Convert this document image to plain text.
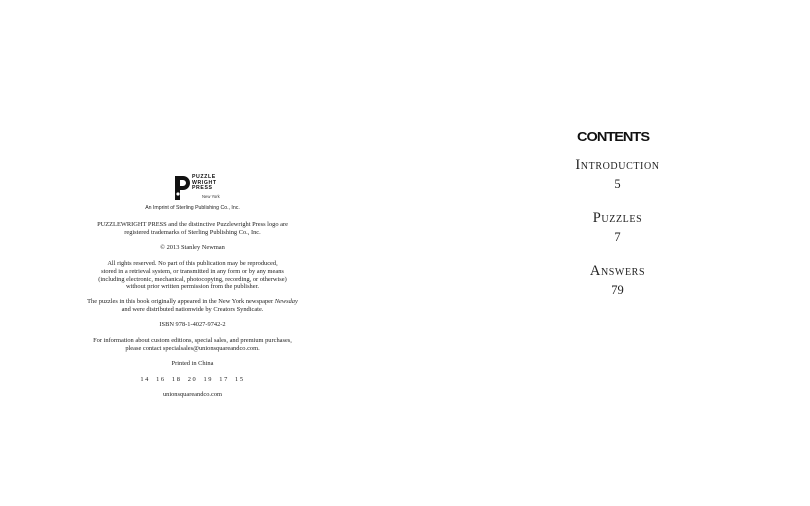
PUZZLE
WRIGHT
PRESS
New York
An Imprint of Sterling Publishing Co., Inc.

PUZZLEWRIGHT PRESS and the distinctive Puzzlewright Press logo are

registered trademarks of Sterling Publishing Co., Inc.

© 2013 Stanley Newman

All rights reserved. No part of this publication may be reproduced,

stored in a retrieval system, or transmitted in any form or by any means

(including electronic, mechanical, photocopying, recording, or otherwise)

without prior written permission from the publisher.

The puzzles in this book originally appeared in the New York newspaper Newsday

and were distributed nationwide by Creators Syndicate.

ISBN 978-1-4027-9742-2

For information about custom editions, special sales, and premium purchases,

please contact specialsales@unionsquareandco.com.

Printed in China

14 16 18 20 19 17 15

unionsquareandco.com

CONTENTS
Introduction
5
Puzzles
7
Answers
79
